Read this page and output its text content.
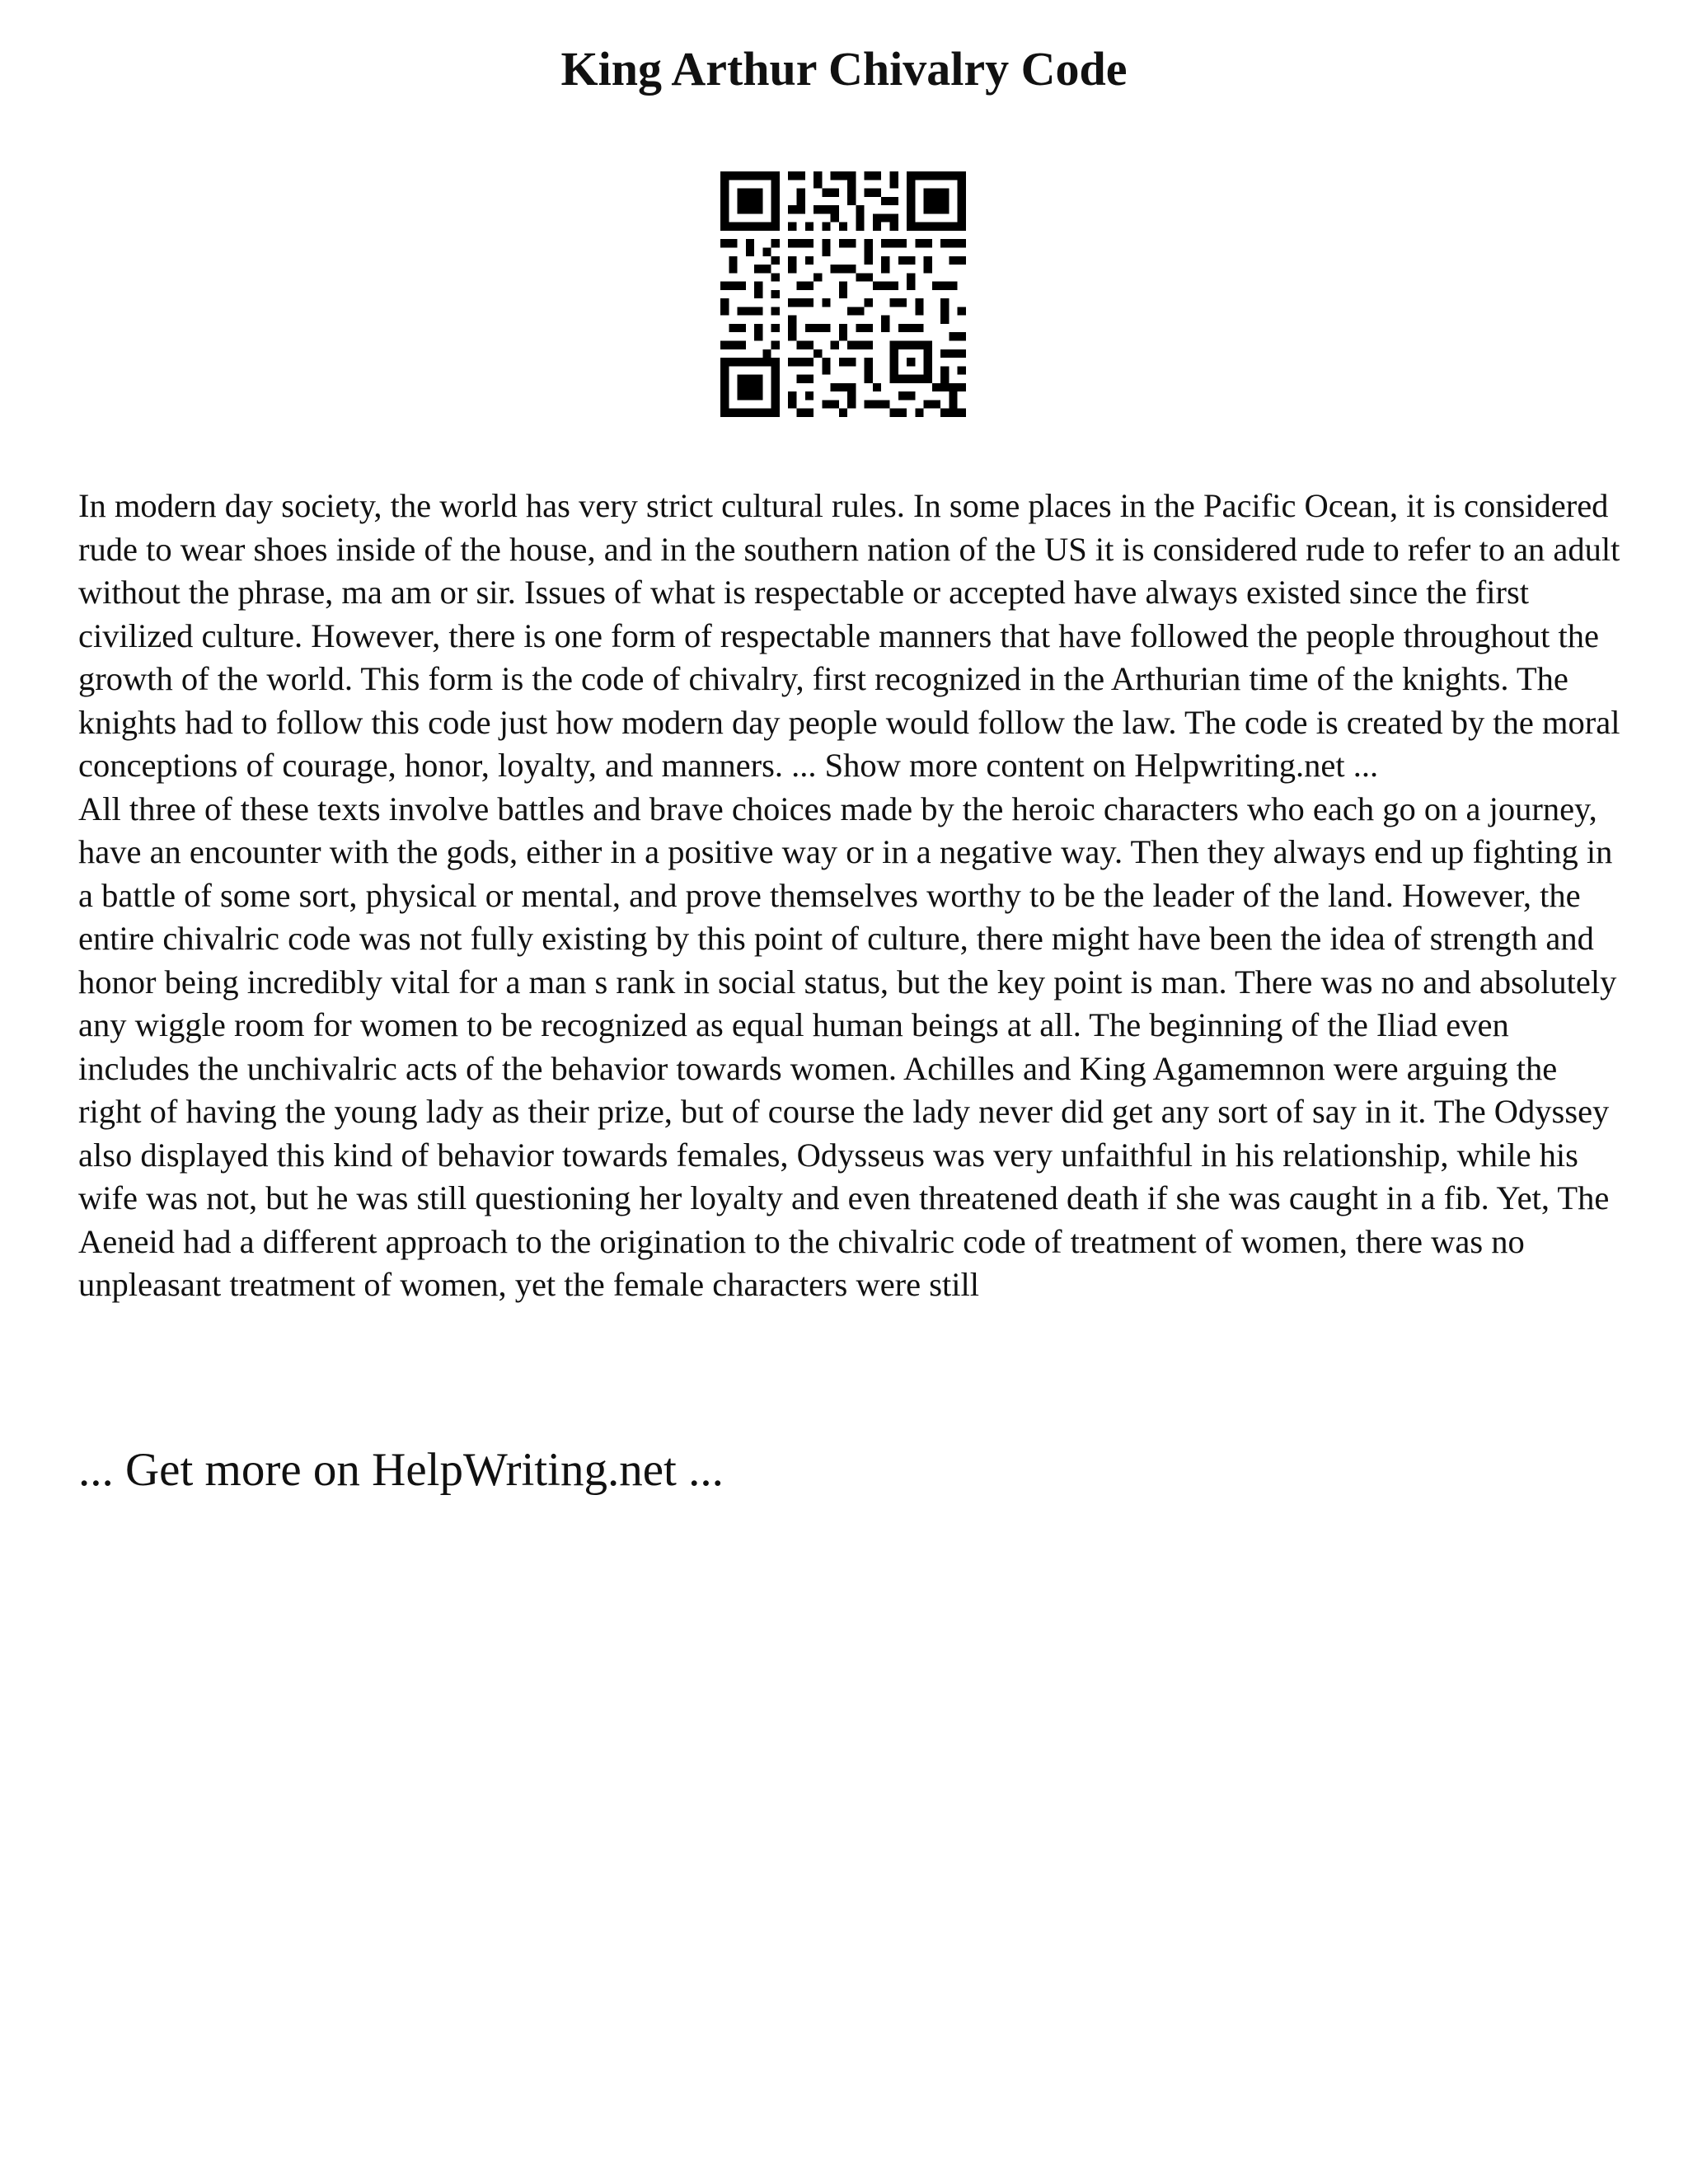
King Arthur Chivalry Code

In modern day society, the world has very strict cultural rules. In some places in the Pacific Ocean, it is considered rude to wear shoes inside of the house, and in the southern nation of the US it is considered rude to refer to an adult without the phrase, ma am or sir. Issues of what is respectable or accepted have always existed since the first civilized culture. However, there is one form of respectable manners that have followed the people throughout the growth of the world. This form is the code of chivalry, first recognized in the Arthurian time of the knights. The knights had to follow this code just how modern day people would follow the law. The code is created by the moral conceptions of courage, honor, loyalty, and manners. ... Show more content on Helpwriting.net ...

All three of these texts involve battles and brave choices made by the heroic characters who each go on a journey, have an encounter with the gods, either in a positive way or in a negative way. Then they always end up fighting in a battle of some sort, physical or mental, and prove themselves worthy to be the leader of the land. However, the entire chivalric code was not fully existing by this point of culture, there might have been the idea of strength and honor being incredibly vital for a man s rank in social status, but the key point is man. There was no and absolutely any wiggle room for women to be recognized as equal human beings at all. The beginning of the Iliad even includes the unchivalric acts of the behavior towards women. Achilles and King Agamemnon were arguing the right of having the young lady as their prize, but of course the lady never did get any sort of say in it. The Odyssey also displayed this kind of behavior towards females, Odysseus was very unfaithful in his relationship, while his wife was not, but he was still questioning her loyalty and even threatened death if she was caught in a fib. Yet, The Aeneid had a different approach to the origination to the chivalric code of treatment of women, there was no unpleasant treatment of women, yet the female characters were still

... Get more on HelpWriting.net ...
